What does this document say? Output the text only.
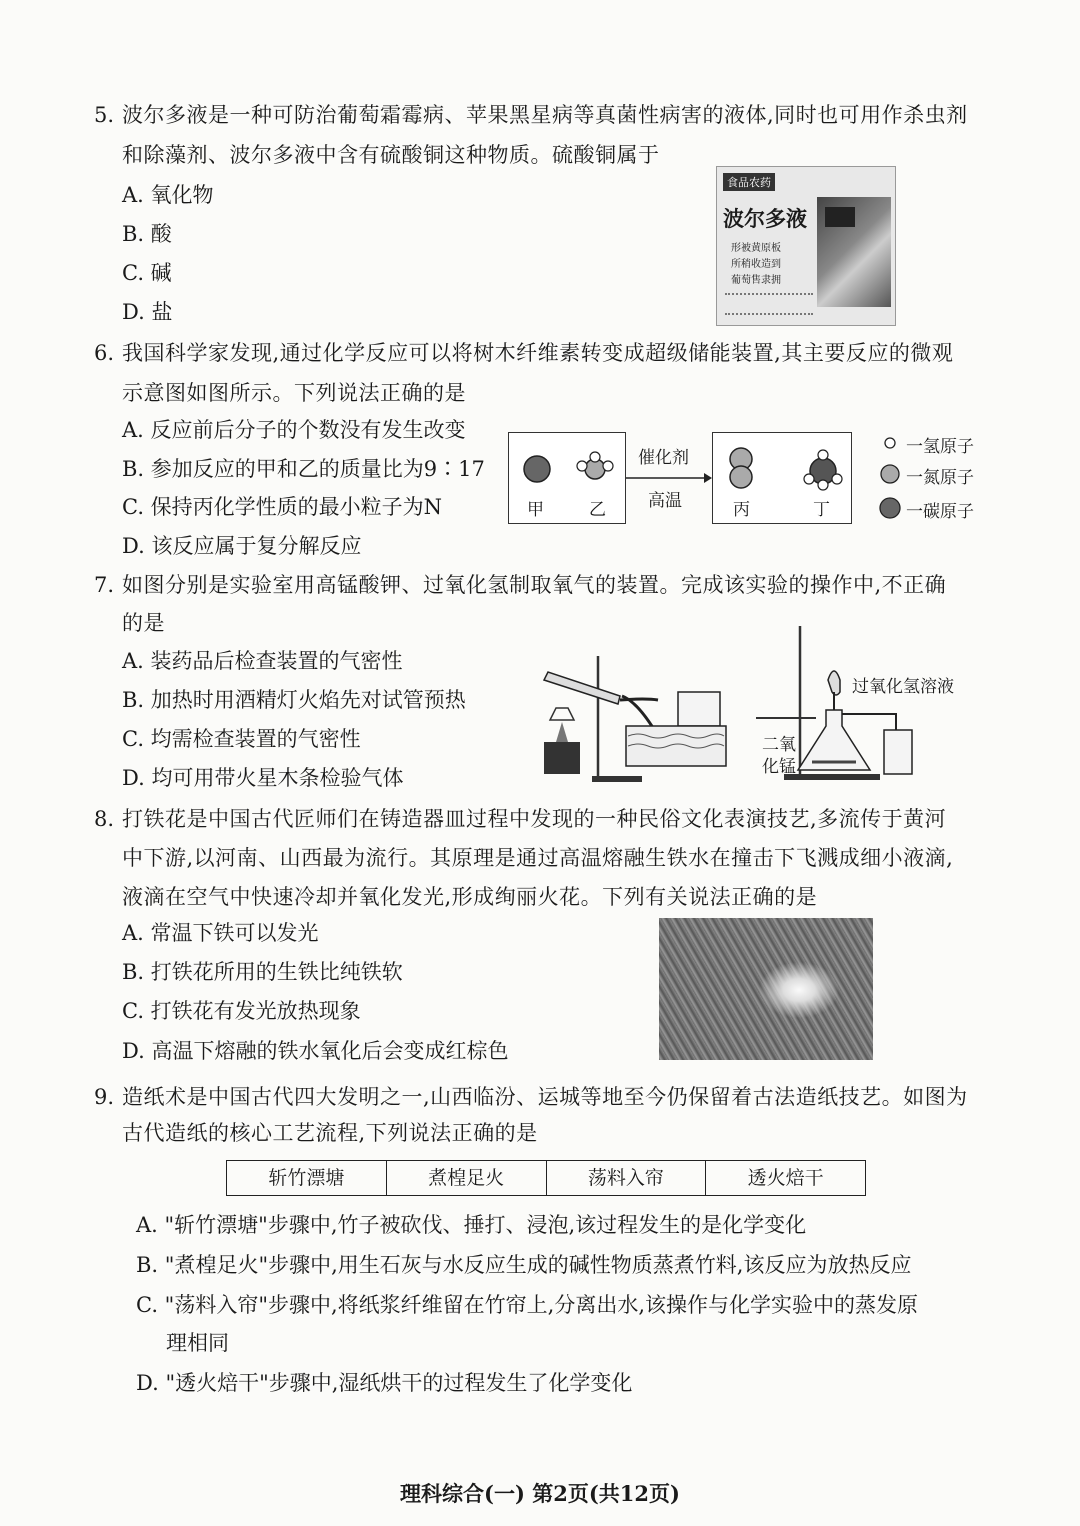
5. 波尔多液是一种可防治葡萄霜霉病、苹果黑星病等真菌性病害的液体,同时也可用作杀虫剂
和除藻剂、波尔多液中含有硫酸铜这种物质。硫酸铜属于
A. 氧化物
B. 酸
C. 碱
D. 盐
食品农药
波尔多液
形被黄原板
所稍收造到
葡萄售隶拥
6. 我国科学家发现,通过化学反应可以将树木纤维素转变成超级储能装置,其主要反应的微观
示意图如图所示。下列说法正确的是
A. 反应前后分子的个数没有发生改变
B. 参加反应的甲和乙的质量比为9∶17
C. 保持丙化学性质的最小粒子为N
D. 该反应属于复分解反应
甲	乙
催化剂
高温	丙	丁
一氢原子
一氮原子
一碳原子
7. 如图分别是实验室用高锰酸钾、过氧化氢制取氧气的装置。完成该实验的操作中,不正确
的是
A. 装药品后检查装置的气密性
B. 加热时用酒精灯火焰先对试管预热
C. 均需检查装置的气密性
D. 均可用带火星木条检验气体
过氧化氢溶液
二氧
化锰
8. 打铁花是中国古代匠师们在铸造器皿过程中发现的一种民俗文化表演技艺,多流传于黄河
中下游,以河南、山西最为流行。其原理是通过高温熔融生铁水在撞击下飞溅成细小液滴,
液滴在空气中快速冷却并氧化发光,形成绚丽火花。下列有关说法正确的是
A. 常温下铁可以发光
B. 打铁花所用的生铁比纯铁软
C. 打铁花有发光放热现象
D. 高温下熔融的铁水氧化后会变成红棕色
9. 造纸术是中国古代四大发明之一,山西临汾、运城等地至今仍保留着古法造纸技艺。如图为
古代造纸的核心工艺流程,下列说法正确的是
斩竹漂塘	煮楻足火	荡料入帘	透火焙干
A. "斩竹漂塘"步骤中,竹子被砍伐、捶打、浸泡,该过程发生的是化学变化
B. "煮楻足火"步骤中,用生石灰与水反应生成的碱性物质蒸煮竹料,该反应为放热反应
C. "荡料入帘"步骤中,将纸浆纤维留在竹帘上,分离出水,该操作与化学实验中的蒸发原
理相同
D. "透火焙干"步骤中,湿纸烘干的过程发生了化学变化
理科综合(一) 第2页(共12页)
